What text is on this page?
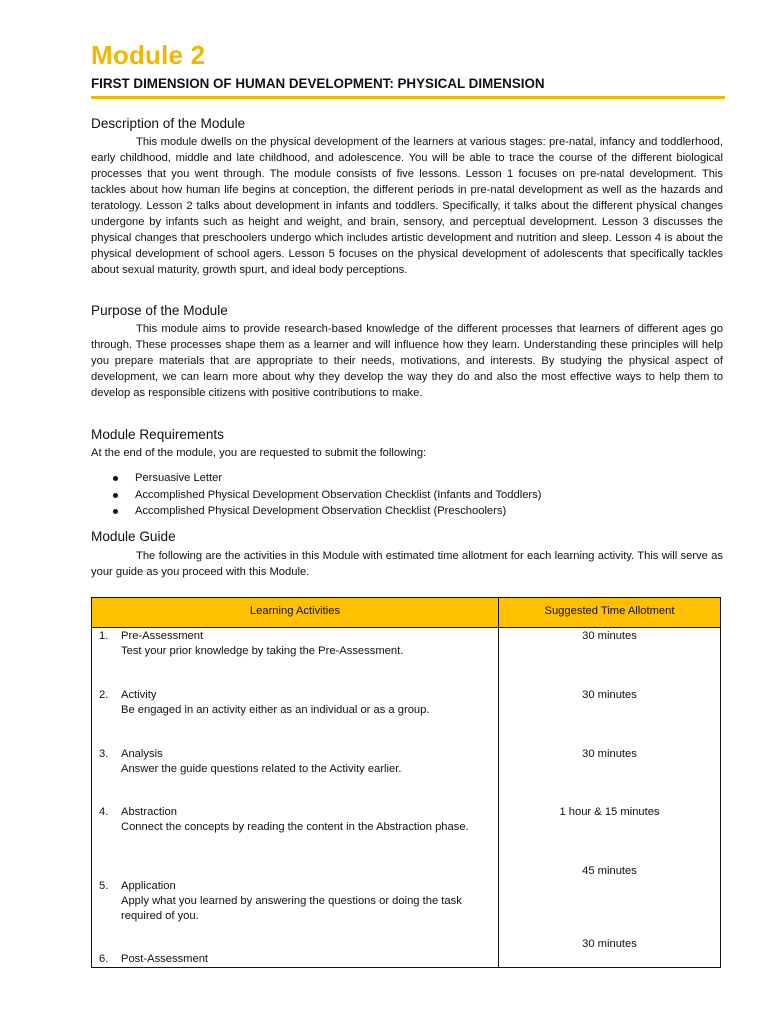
Module 2
FIRST DIMENSION OF HUMAN DEVELOPMENT: PHYSICAL DIMENSION
Description of the Module

This module dwells on the physical development of the learners at various stages: pre-natal, infancy and toddlerhood, early childhood, middle and late childhood, and adolescence. You will be able to trace the course of the different biological processes that you went through. The module consists of five lessons. Lesson 1 focuses on pre-natal development. This tackles about how human life begins at conception, the different periods in pre-natal development as well as the hazards and teratology. Lesson 2 talks about development in infants and toddlers. Specifically, it talks about the different physical changes undergone by infants such as height and weight, and brain, sensory, and perceptual development. Lesson 3 discusses the physical changes that preschoolers undergo which includes artistic development and nutrition and sleep. Lesson 4 is about the physical development of school agers. Lesson 5 focuses on the physical development of adolescents that specifically tackles about sexual maturity, growth spurt, and ideal body perceptions.

Purpose of the Module

This module aims to provide research-based knowledge of the different processes that learners of different ages go through. These processes shape them as a learner and will influence how they learn. Understanding these principles will help you prepare materials that are appropriate to their needs, motivations, and interests. By studying the physical aspect of development, we can learn more about why they develop the way they do and also the most effective ways to help them to develop as responsible citizens with positive contributions to make.

Module Requirements

At the end of the module, you are requested to submit the following:

Persuasive Letter
Accomplished Physical Development Observation Checklist (Infants and Toddlers)
Accomplished Physical Development Observation Checklist (Preschoolers)
Module Guide

The following are the activities in this Module with estimated time allotment for each learning activity. This will serve as your guide as you proceed with this Module.

Learning Activities	Suggested Time Allotment
1. Pre-Assessment
Test your prior knowledge by taking the Pre-Assessment.
30 minutes
2. Activity
Be engaged in an activity either as an individual or as a group.
30 minutes
3. Analysis
Answer the guide questions related to the Activity earlier.
30 minutes
4. Abstraction
Connect the concepts by reading the content in the Abstraction phase.
1 hour & 15 minutes
5. Application
Apply what you learned by answering the questions or doing the task required of you.
45 minutes
6. Post-Assessment
30 minutes
